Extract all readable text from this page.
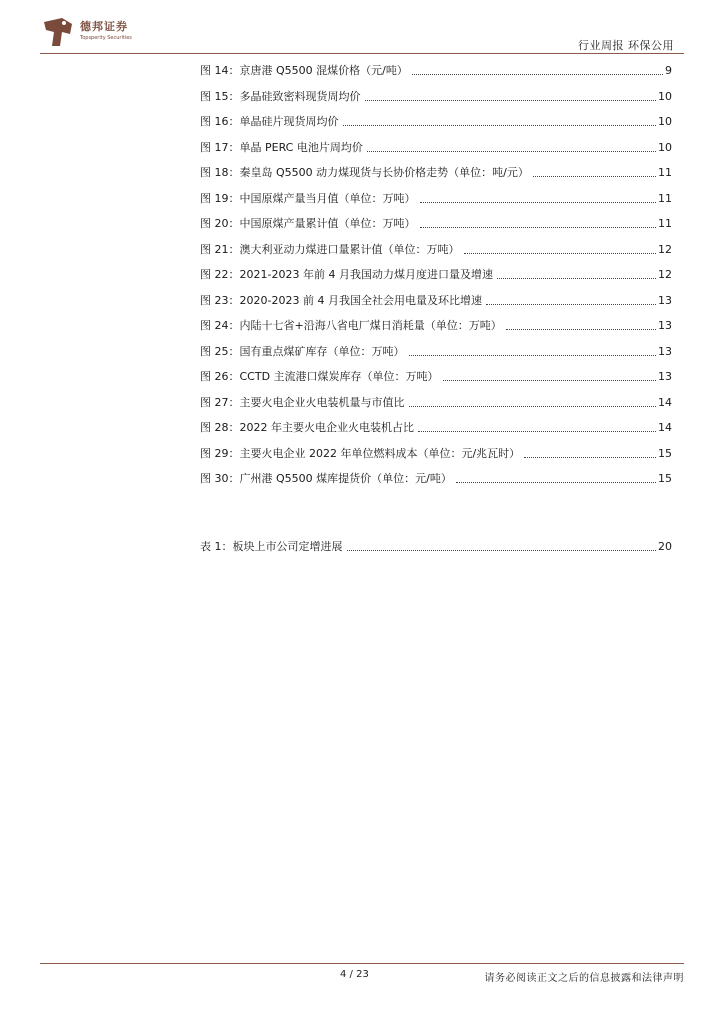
德邦证券
Topsperity Securities
行业周报 环保公用
图 14：京唐港 Q5500 混煤价格（元/吨）	9
图 15：多晶硅致密料现货周均价	10
图 16：单晶硅片现货周均价	10
图 17：单晶 PERC 电池片周均价	10
图 18：秦皇岛 Q5500 动力煤现货与长协价格走势（单位：吨/元）	11
图 19：中国原煤产量当月值（单位：万吨）	11
图 20：中国原煤产量累计值（单位：万吨）	11
图 21：澳大利亚动力煤进口量累计值（单位：万吨）	12
图 22：2021-2023 年前 4 月我国动力煤月度进口量及增速	12
图 23：2020-2023 前 4 月我国全社会用电量及环比增速	13
图 24：内陆十七省+沿海八省电厂煤日消耗量（单位：万吨）	13
图 25：国有重点煤矿库存（单位：万吨）	13
图 26：CCTD 主流港口煤炭库存（单位：万吨）	13
图 27：主要火电企业火电装机量与市值比	14
图 28：2022 年主要火电企业火电装机占比	14
图 29：主要火电企业 2022 年单位燃料成本（单位：元/兆瓦时）	15
图 30：广州港 Q5500 煤库提货价（单位：元/吨）	15
表 1：板块上市公司定增进展	20
4 / 23	请务必阅读正文之后的信息披露和法律声明
